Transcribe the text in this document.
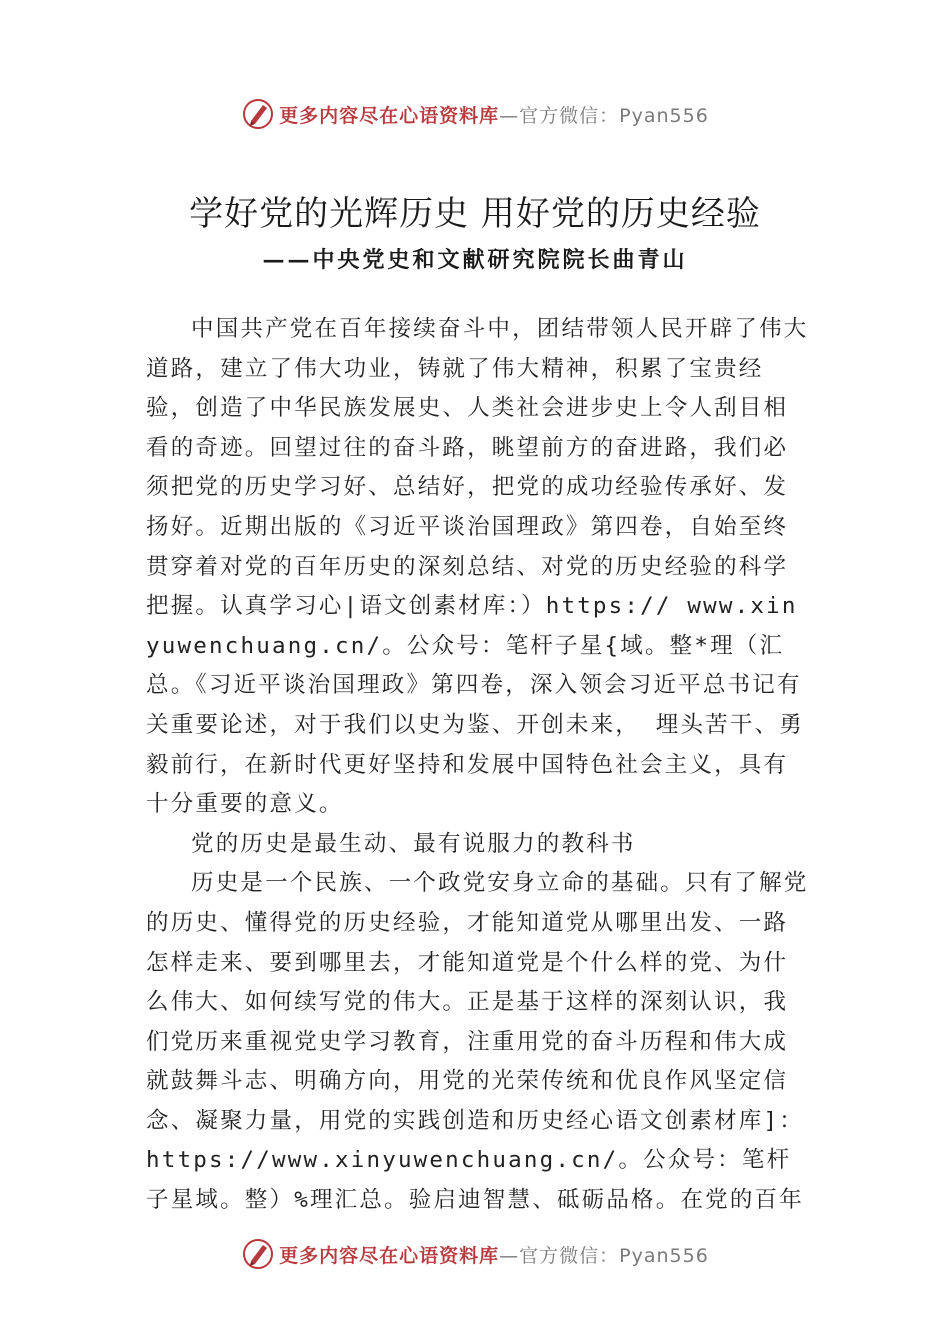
更多内容尽在心语资料库 —官方微信：Pyan556
学好党的光辉历史 用好党的历史经验
——中央党史和文献研究院院长曲青山

中国共产党在百年接续奋斗中，团结带领人民开辟了伟大道路，建立了伟大功业，铸就了伟大精神，积累了宝贵经验，创造了中华民族发展史、人类社会进步史上令人刮目相看的奇迹。回望过往的奋斗路，眺望前方的奋进路，我们必须把党的历史学习好、总结好，把党的成功经验传承好、发扬好。近期出版的《习近平谈治国理政》第四卷，自始至终贯穿着对党的百年历史的深刻总结、对党的历史经验的科学把握。认真学习心|语文创素材库：）https:// www.xinyuwenchuang.cn/。公众号：笔杆子星{域。整*理（汇总。《习近平谈治国理政》第四卷，深入领会习近平总书记有关重要论述，对于我们以史为鉴、开创未来， 埋头苦干、勇毅前行，在新时代更好坚持和发展中国特色社会主义，具有十分重要的意义。

党的历史是最生动、最有说服力的教科书

历史是一个民族、一个政党安身立命的基础。只有了解党的历史、懂得党的历史经验，才能知道党从哪里出发、一路怎样走来、要到哪里去，才能知道党是个什么样的党、为什么伟大、如何续写党的伟大。正是基于这样的深刻认识，我们党历来重视党史学习教育，注重用党的奋斗历程和伟大成就鼓舞斗志、明确方向，用党的光荣传统和优良作风坚定信念、凝聚力量，用党的实践创造和历史经心语文创素材库]：https://www.xinyuwenchuang.cn/。公众号：笔杆子星域。整）%理汇总。验启迪智慧、砥砺品格。在党的百年

更多内容尽在心语资料库 —官方微信：Pyan556
